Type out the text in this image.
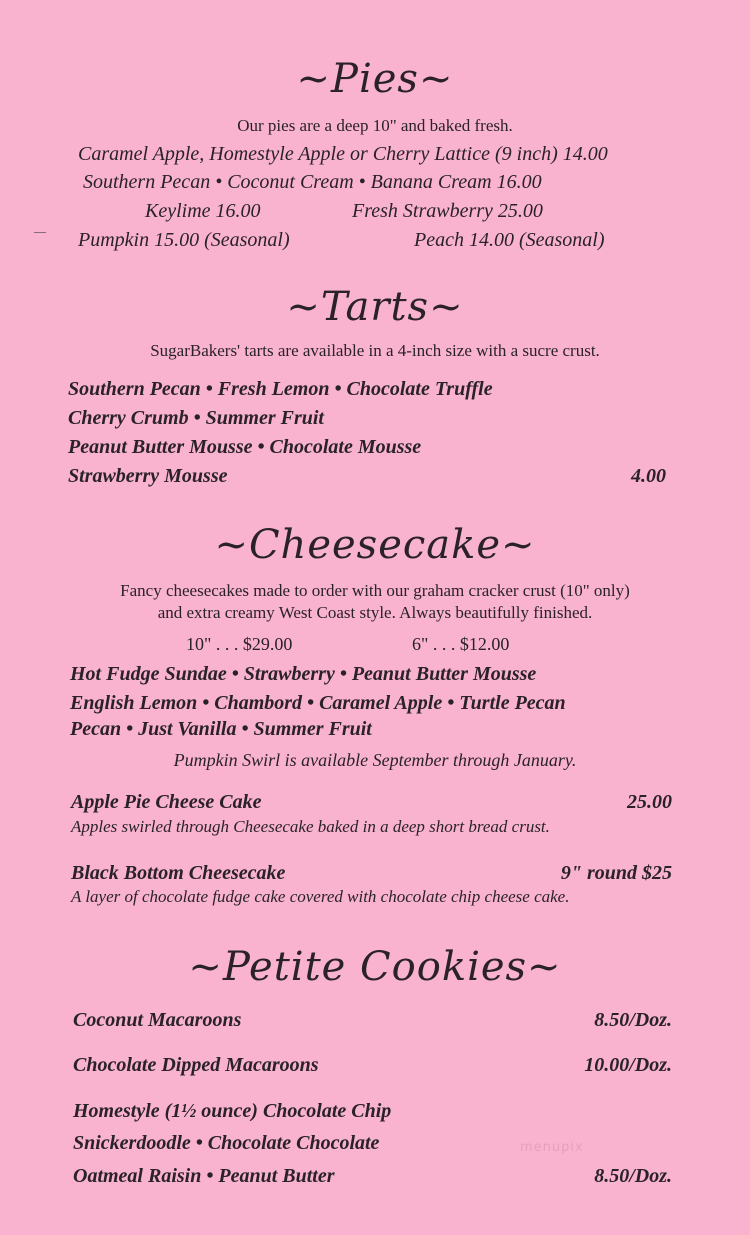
~Pies~
Our pies are a deep 10" and baked fresh.
Caramel Apple, Homestyle Apple or Cherry Lattice (9 inch) 14.00
Southern Pecan • Coconut Cream • Banana Cream 16.00
Keylime 16.00	Fresh Strawberry 25.00
Pumpkin 15.00 (Seasonal)	Peach 14.00 (Seasonal)
~Tarts~
SugarBakers' tarts are available in a 4-inch size with a sucre crust.
Southern Pecan • Fresh Lemon • Chocolate Truffle
Cherry Crumb • Summer Fruit
Peanut Butter Mousse • Chocolate Mousse
Strawberry Mousse	4.00
~Cheesecake~
Fancy cheesecakes made to order with our graham cracker crust (10" only)
and extra creamy West Coast style. Always beautifully finished.
10" . . . $29.00	6" . . . $12.00
Hot Fudge Sundae • Strawberry • Peanut Butter Mousse
English Lemon • Chambord • Caramel Apple • Turtle Pecan
Pecan • Just Vanilla • Summer Fruit
Pumpkin Swirl is available September through January.
Apple Pie Cheese Cake	25.00
Apples swirled through Cheesecake baked in a deep short bread crust.
Black Bottom Cheesecake	9" round $25
A layer of chocolate fudge cake covered with chocolate chip cheese cake.
~Petite Cookies~
Coconut Macaroons	8.50/Doz.
Chocolate Dipped Macaroons	10.00/Doz.
Homestyle (1½ ounce) Chocolate Chip
Snickerdoodle • Chocolate Chocolate
Oatmeal Raisin • Peanut Butter	8.50/Doz.
menupix
